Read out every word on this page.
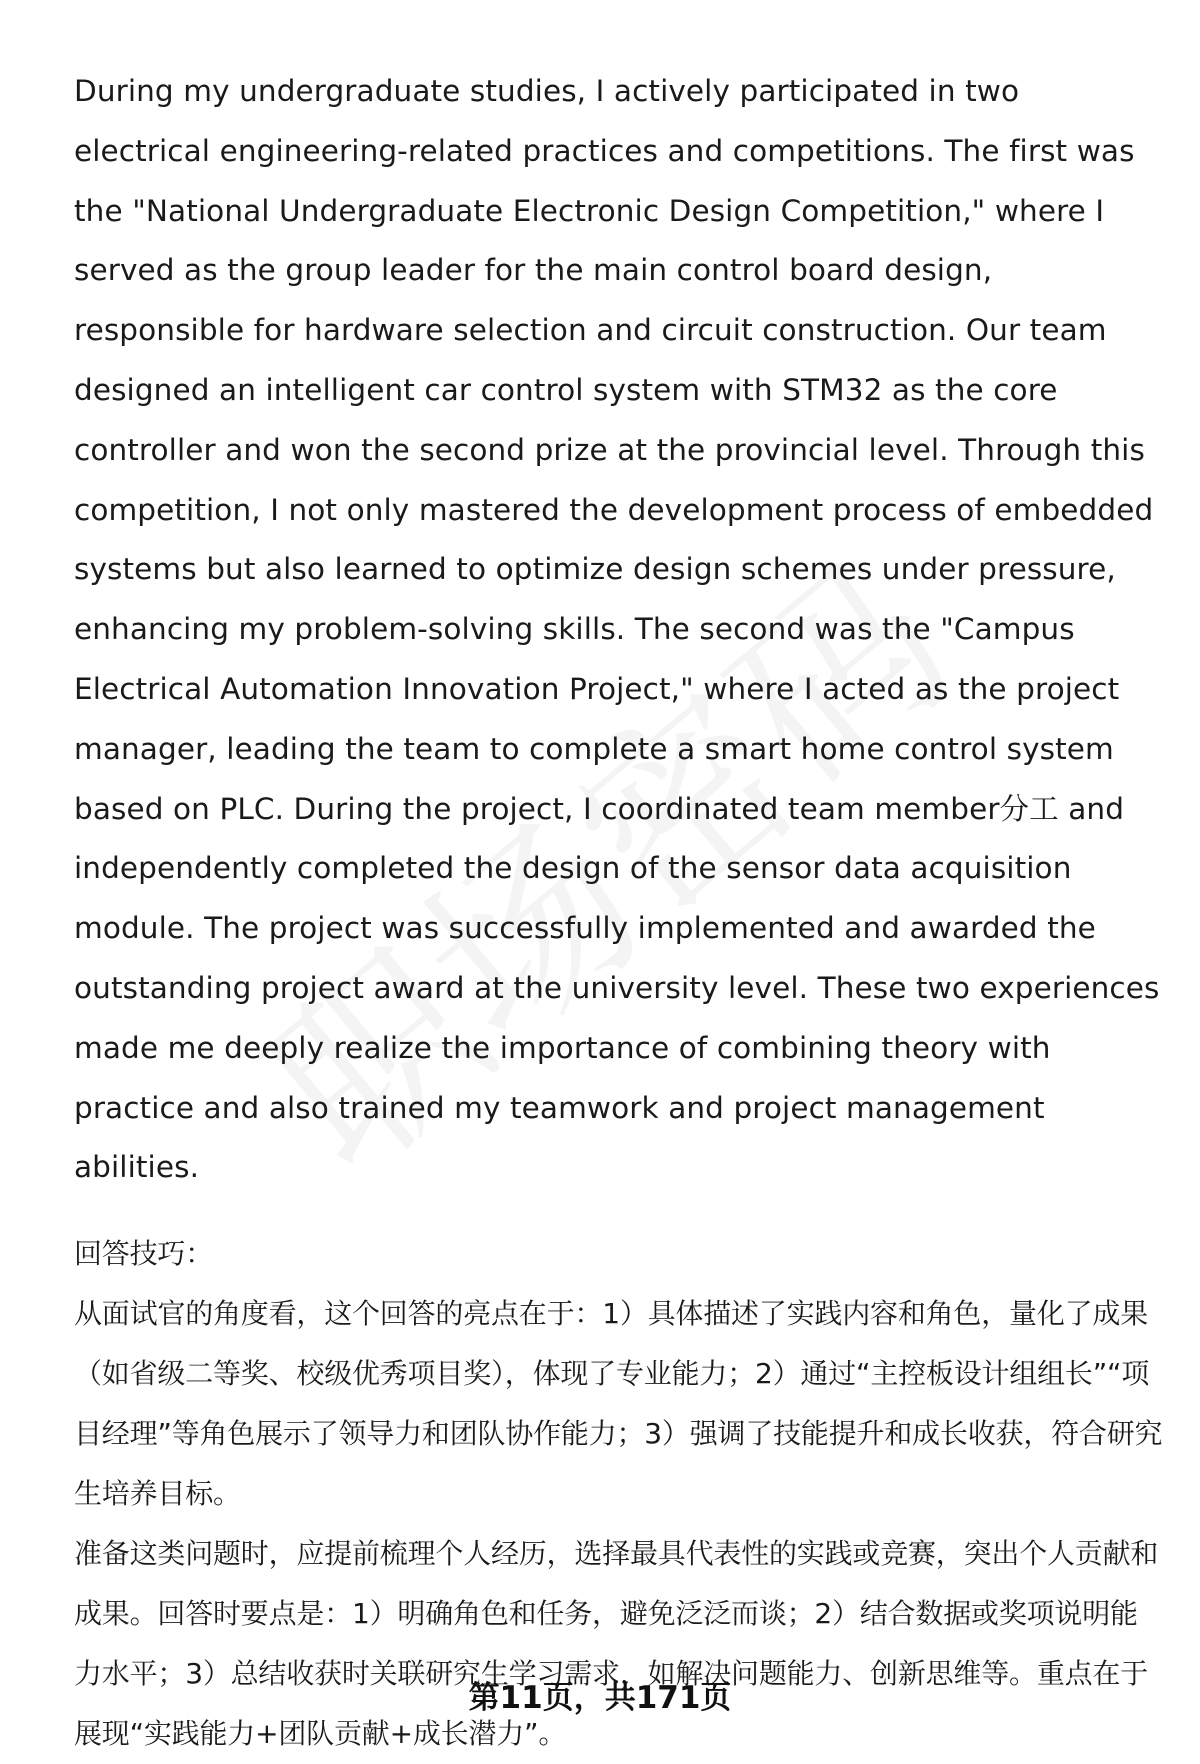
During my undergraduate studies, I actively participated in two electrical engineering-related practices and competitions. The first was the "National Undergraduate Electronic Design Competition," where I served as the group leader for the main control board design, responsible for hardware selection and circuit construction. Our team designed an intelligent car control system with STM32 as the core controller and won the second prize at the provincial level. Through this competition, I not only mastered the development process of embedded systems but also learned to optimize design schemes under pressure, enhancing my problem-solving skills. The second was the "Campus Electrical Automation Innovation Project," where I acted as the project manager, leading the team to complete a smart home control system based on PLC. During the project, I coordinated team member分工 and independently completed the design of the sensor data acquisition module. The project was successfully implemented and awarded the outstanding project award at the university level. These two experiences made me deeply realize the importance of combining theory with practice and also trained my teamwork and project management abilities.

回答技巧：

从面试官的角度看，这个回答的亮点在于：1）具体描述了实践内容和角色，量化了成果（如省级二等奖、校级优秀项目奖），体现了专业能力；2）通过“主控板设计组组长”“项目经理”等角色展示了领导力和团队协作能力；3）强调了技能提升和成长收获，符合研究生培养目标。

准备这类问题时，应提前梳理个人经历，选择最具代表性的实践或竞赛，突出个人贡献和成果。回答时要点是：1）明确角色和任务，避免泛泛而谈；2）结合数据或奖项说明能力水平；3）总结收获时关联研究生学习需求，如解决问题能力、创新思维等。重点在于展现“实践能力+团队贡献+成长潜力”。

第11页，共171页
